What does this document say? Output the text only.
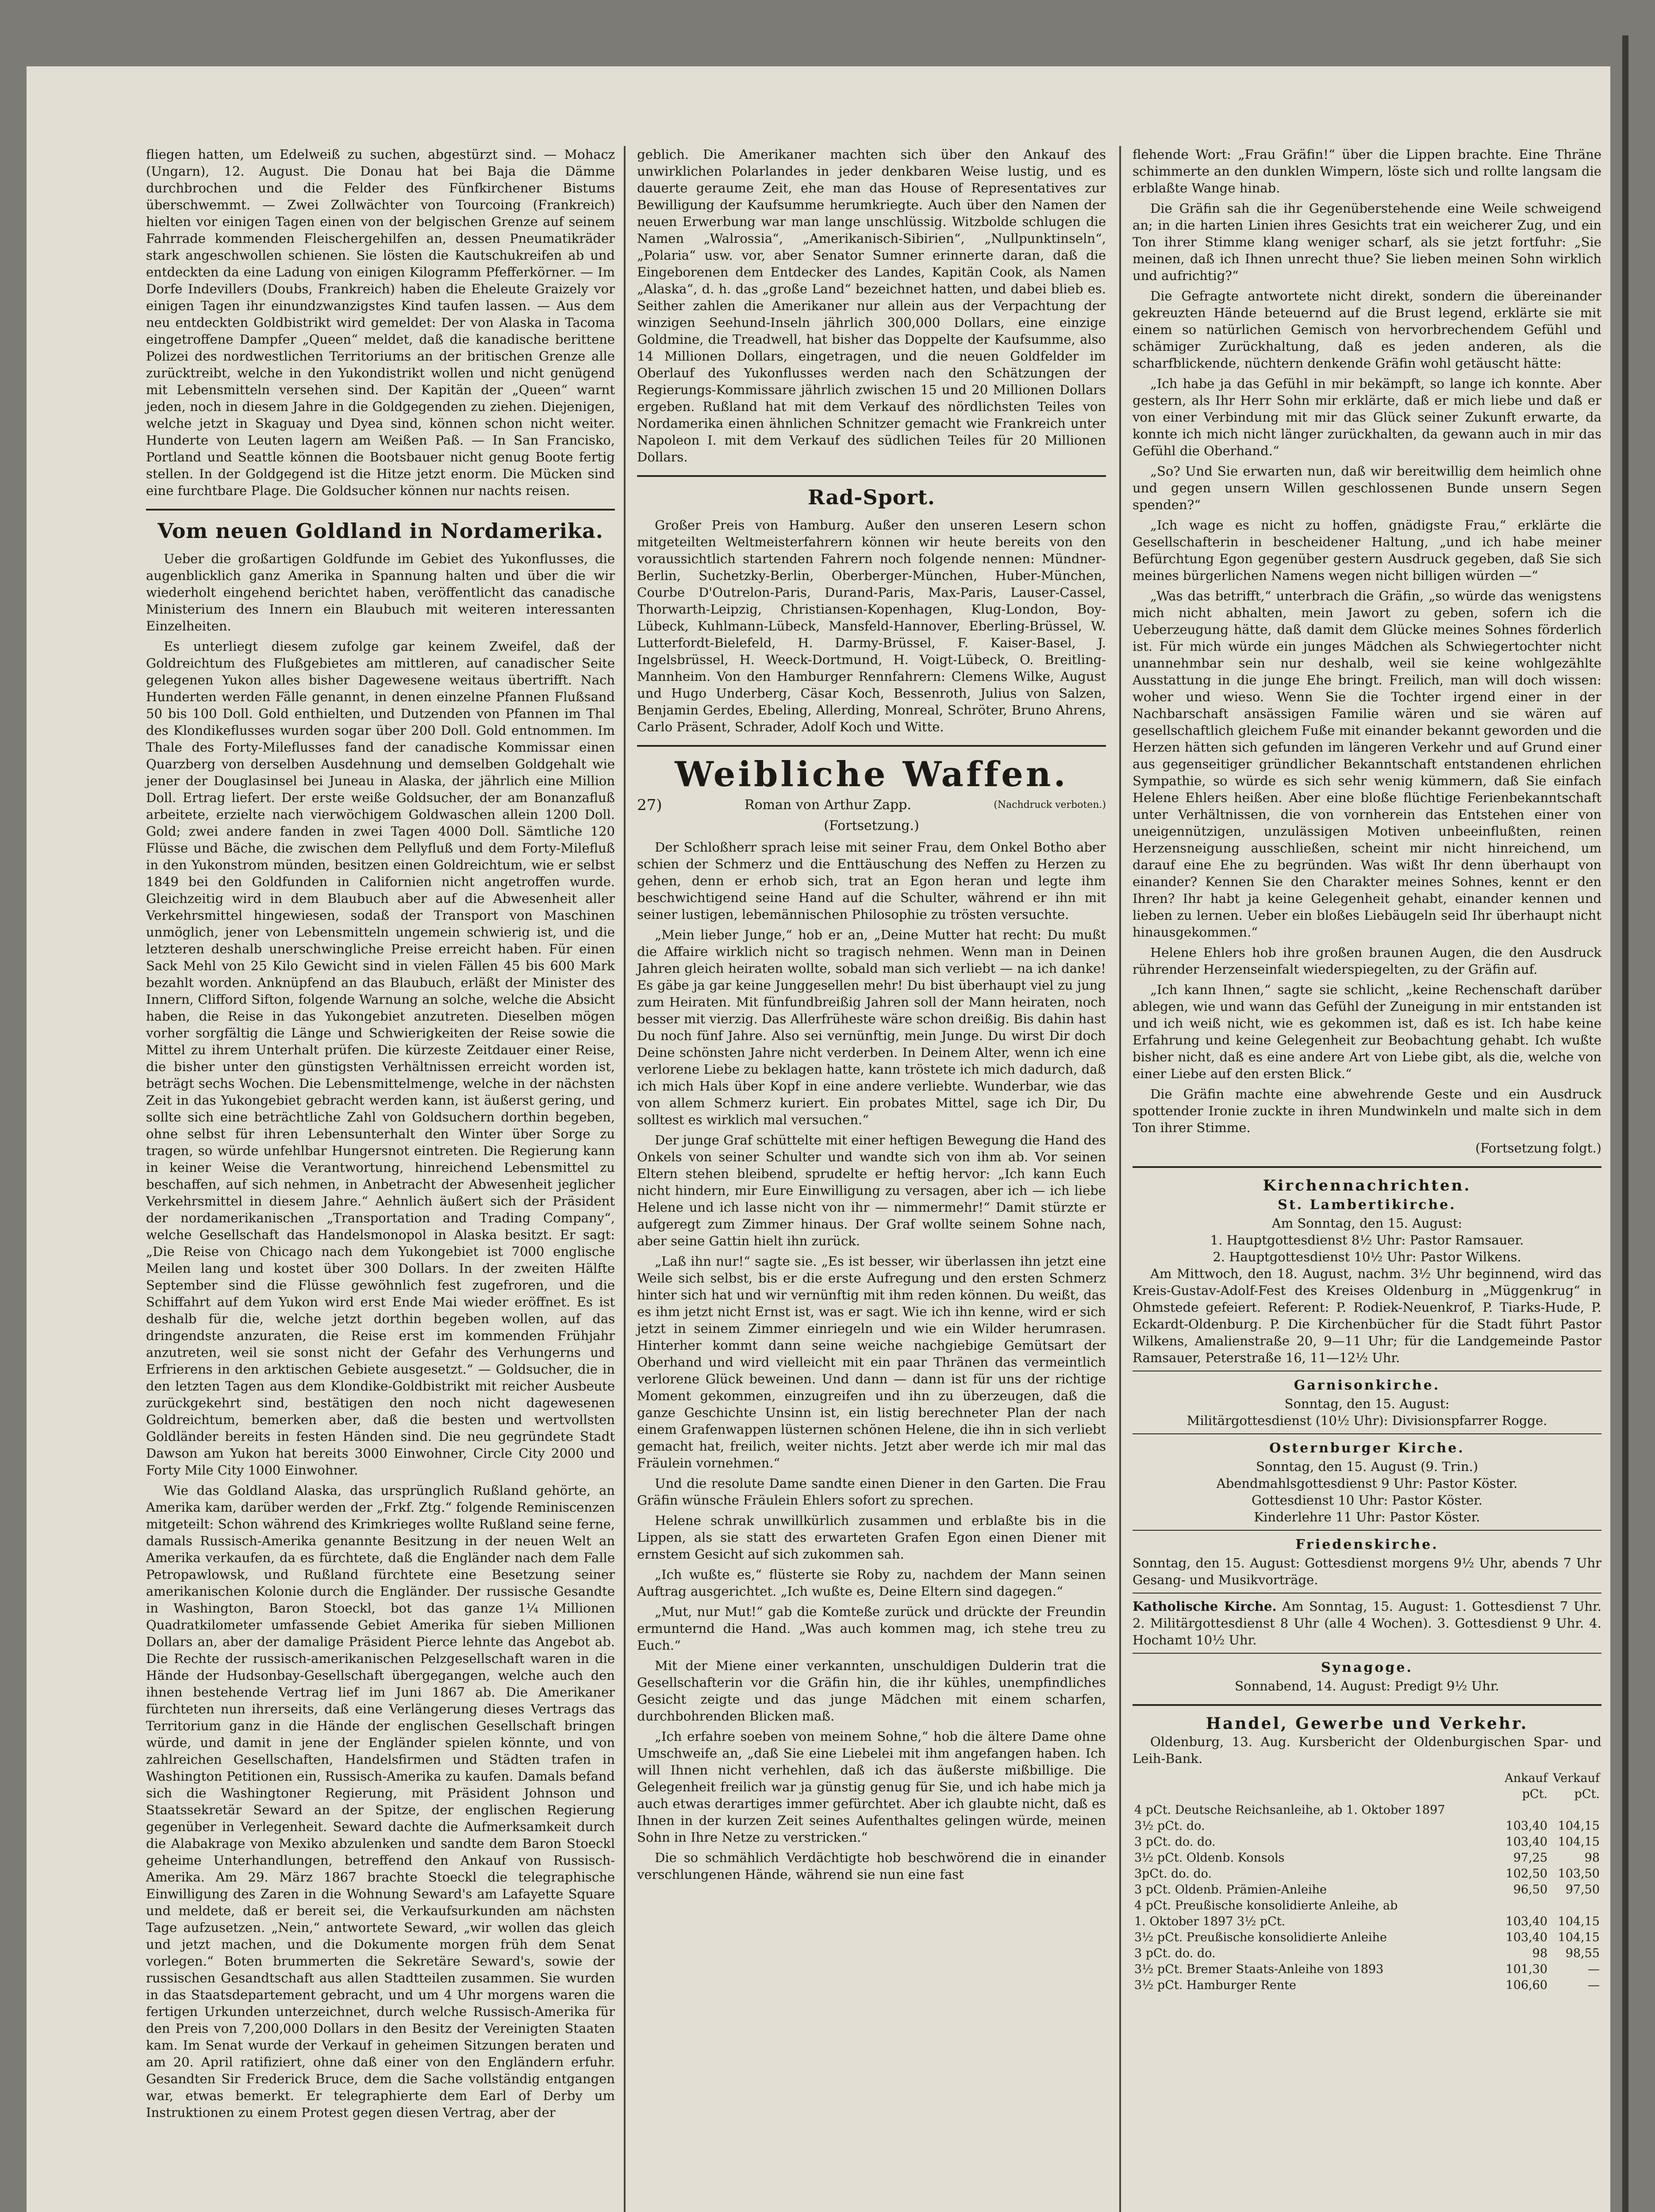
fliegen hatten, um Edelweiß zu suchen, abgestürzt sind. — Mohacz (Ungarn), 12. August. Die Donau hat bei Baja die Dämme durchbrochen und die Felder des Fünfkirchener Bistums überschwemmt. — Zwei Zollwächter von Tourcoing (Frankreich) hielten vor einigen Tagen einen von der belgischen Grenze auf seinem Fahrrade kommenden Fleischergehilfen an, dessen Pneumatikräder stark angeschwollen schienen. Sie lösten die Kautschukreifen ab und entdeckten da eine Ladung von einigen Kilogramm Pfefferkörner. — Im Dorfe Indevillers (Doubs, Frankreich) haben die Eheleute Graizely vor einigen Tagen ihr einundzwanzigstes Kind taufen lassen. — Aus dem neu entdeckten Goldbistrikt wird gemeldet: Der von Alaska in Tacoma eingetroffene Dampfer „Queen“ meldet, daß die kanadische berittene Polizei des nordwestlichen Territoriums an der britischen Grenze alle zurücktreibt, welche in den Yukondistrikt wollen und nicht genügend mit Lebensmitteln versehen sind. Der Kapitän der „Queen“ warnt jeden, noch in diesem Jahre in die Goldgegenden zu ziehen. Diejenigen, welche jetzt in Skaguay und Dyea sind, können schon nicht weiter. Hunderte von Leuten lagern am Weißen Paß. — In San Francisko, Portland und Seattle können die Bootsbauer nicht genug Boote fertig stellen. In der Goldgegend ist die Hitze jetzt enorm. Die Mücken sind eine furchtbare Plage. Die Goldsucher können nur nachts reisen.

Vom neuen Goldland in Nordamerika.

Ueber die großartigen Goldfunde im Gebiet des Yukonflusses, die augenblicklich ganz Amerika in Spannung halten und über die wir wiederholt eingehend berichtet haben, veröffentlicht das canadische Ministerium des Innern ein Blaubuch mit weiteren interessanten Einzelheiten.

Es unterliegt diesem zufolge gar keinem Zweifel, daß der Goldreichtum des Flußgebietes am mittleren, auf canadischer Seite gelegenen Yukon alles bisher Dagewesene weitaus übertrifft. Nach Hunderten werden Fälle genannt, in denen einzelne Pfannen Flußsand 50 bis 100 Doll. Gold enthielten, und Dutzenden von Pfannen im Thal des Klondikeflusses wurden sogar über 200 Doll. Gold entnommen. Im Thale des Forty-Mileflusses fand der canadische Kommissar einen Quarzberg von derselben Ausdehnung und demselben Goldgehalt wie jener der Douglasinsel bei Juneau in Alaska, der jährlich eine Million Doll. Ertrag liefert. Der erste weiße Goldsucher, der am Bonanzafluß arbeitete, erzielte nach vierwöchigem Goldwaschen allein 1200 Doll. Gold; zwei andere fanden in zwei Tagen 4000 Doll. Sämtliche 120 Flüsse und Bäche, die zwischen dem Pellyfluß und dem Forty-Milefluß in den Yukonstrom münden, besitzen einen Goldreichtum, wie er selbst 1849 bei den Goldfunden in Californien nicht angetroffen wurde. Gleichzeitig wird in dem Blaubuch aber auf die Abwesenheit aller Verkehrsmittel hingewiesen, sodaß der Transport von Maschinen unmöglich, jener von Lebensmitteln ungemein schwierig ist, und die letzteren deshalb unerschwingliche Preise erreicht haben. Für einen Sack Mehl von 25 Kilo Gewicht sind in vielen Fällen 45 bis 600 Mark bezahlt worden. Anknüpfend an das Blaubuch, erläßt der Minister des Innern, Clifford Sifton, folgende Warnung an solche, welche die Absicht haben, die Reise in das Yukongebiet anzutreten. Dieselben mögen vorher sorgfältig die Länge und Schwierigkeiten der Reise sowie die Mittel zu ihrem Unterhalt prüfen. Die kürzeste Zeitdauer einer Reise, die bisher unter den günstigsten Verhältnissen erreicht worden ist, beträgt sechs Wochen. Die Lebensmittelmenge, welche in der nächsten Zeit in das Yukongebiet gebracht werden kann, ist äußerst gering, und sollte sich eine beträchtliche Zahl von Goldsuchern dorthin begeben, ohne selbst für ihren Lebensunterhalt den Winter über Sorge zu tragen, so würde unfehlbar Hungersnot eintreten. Die Regierung kann in keiner Weise die Verantwortung, hinreichend Lebensmittel zu beschaffen, auf sich nehmen, in Anbetracht der Abwesenheit jeglicher Verkehrsmittel in diesem Jahre.“ Aehnlich äußert sich der Präsident der nordamerikanischen „Transportation and Trading Company“, welche Gesellschaft das Handelsmonopol in Alaska besitzt. Er sagt: „Die Reise von Chicago nach dem Yukongebiet ist 7000 englische Meilen lang und kostet über 300 Dollars. In der zweiten Hälfte September sind die Flüsse gewöhnlich fest zugefroren, und die Schiffahrt auf dem Yukon wird erst Ende Mai wieder eröffnet. Es ist deshalb für die, welche jetzt dorthin begeben wollen, auf das dringendste anzuraten, die Reise erst im kommenden Frühjahr anzutreten, weil sie sonst nicht der Gefahr des Verhungerns und Erfrierens in den arktischen Gebiete ausgesetzt.“ — Goldsucher, die in den letzten Tagen aus dem Klondike-Goldbistrikt mit reicher Ausbeute zurückgekehrt sind, bestätigen den noch nicht dagewesenen Goldreichtum, bemerken aber, daß die besten und wertvollsten Goldländer bereits in festen Händen sind. Die neu gegründete Stadt Dawson am Yukon hat bereits 3000 Einwohner, Circle City 2000 und Forty Mile City 1000 Einwohner.

Wie das Goldland Alaska, das ursprünglich Rußland gehörte, an Amerika kam, darüber werden der „Frkf. Ztg.“ folgende Reminiscenzen mitgeteilt: Schon während des Krimkrieges wollte Rußland seine ferne, damals Russisch-Amerika genannte Besitzung in der neuen Welt an Amerika verkaufen, da es fürchtete, daß die Engländer nach dem Falle Petropawlowsk, und Rußland fürchtete eine Besetzung seiner amerikanischen Kolonie durch die Engländer. Der russische Gesandte in Washington, Baron Stoeckl, bot das ganze 1¼ Millionen Quadratkilometer umfassende Gebiet Amerika für sieben Millionen Dollars an, aber der damalige Präsident Pierce lehnte das Angebot ab. Die Rechte der russisch-amerikanischen Pelzgesellschaft waren in die Hände der Hudsonbay-Gesellschaft übergegangen, welche auch den ihnen bestehende Vertrag lief im Juni 1867 ab. Die Amerikaner fürchteten nun ihrerseits, daß eine Verlängerung dieses Vertrags das Territorium ganz in die Hände der englischen Gesellschaft bringen würde, und damit in jene der Engländer spielen könnte, und von zahlreichen Gesellschaften, Handelsfirmen und Städten trafen in Washington Petitionen ein, Russisch-Amerika zu kaufen. Damals befand sich die Washingtoner Regierung, mit Präsident Johnson und Staatssekretär Seward an der Spitze, der englischen Regierung gegenüber in Verlegenheit. Seward dachte die Aufmerksamkeit durch die Alabakrage von Mexiko abzulenken und sandte dem Baron Stoeckl geheime Unterhandlungen, betreffend den Ankauf von Russisch-Amerika. Am 29. März 1867 brachte Stoeckl die telegraphische Einwilligung des Zaren in die Wohnung Seward's am Lafayette Square und meldete, daß er bereit sei, die Verkaufsurkunden am nächsten Tage aufzusetzen. „Nein,“ antwortete Seward, „wir wollen das gleich und jetzt machen, und die Dokumente morgen früh dem Senat vorlegen.“ Boten brummerten die Sekretäre Seward's, sowie der russischen Gesandtschaft aus allen Stadtteilen zusammen. Sie wurden in das Staatsdepartement gebracht, und um 4 Uhr morgens waren die fertigen Urkunden unterzeichnet, durch welche Russisch-Amerika für den Preis von 7,200,000 Dollars in den Besitz der Vereinigten Staaten kam. Im Senat wurde der Verkauf in geheimen Sitzungen beraten und am 20. April ratifiziert, ohne daß einer von den Engländern erfuhr. Gesandten Sir Frederick Bruce, dem die Sache vollständig entgangen war, etwas bemerkt. Er telegraphierte dem Earl of Derby um Instruktionen zu einem Protest gegen diesen Vertrag, aber der

geblich. Die Amerikaner machten sich über den Ankauf des unwirklichen Polarlandes in jeder denkbaren Weise lustig, und es dauerte geraume Zeit, ehe man das House of Representatives zur Bewilligung der Kaufsumme herumkriegte. Auch über den Namen der neuen Erwerbung war man lange unschlüssig. Witzbolde schlugen die Namen „Walrossia“, „Amerikanisch-Sibirien“, „Nullpunktinseln“, „Polaria“ usw. vor, aber Senator Sumner erinnerte daran, daß die Eingeborenen dem Entdecker des Landes, Kapitän Cook, als Namen „Alaska“, d. h. das „große Land“ bezeichnet hatten, und dabei blieb es. Seither zahlen die Amerikaner nur allein aus der Verpachtung der winzigen Seehund-Inseln jährlich 300,000 Dollars, eine einzige Goldmine, die Treadwell, hat bisher das Doppelte der Kaufsumme, also 14 Millionen Dollars, eingetragen, und die neuen Goldfelder im Oberlauf des Yukonflusses werden nach den Schätzungen der Regierungs-Kommissare jährlich zwischen 15 und 20 Millionen Dollars ergeben. Rußland hat mit dem Verkauf des nördlichsten Teiles von Nordamerika einen ähnlichen Schnitzer gemacht wie Frankreich unter Napoleon I. mit dem Verkauf des südlichen Teiles für 20 Millionen Dollars.

Rad-Sport.

Großer Preis von Hamburg. Außer den unseren Lesern schon mitgeteilten Weltmeisterfahrern können wir heute bereits von den voraussichtlich startenden Fahrern noch folgende nennen: Mündner-Berlin, Suchetzky-Berlin, Oberberger-München, Huber-München, Courbe D'Outrelon-Paris, Durand-Paris, Max-Paris, Lauser-Cassel, Thorwarth-Leipzig, Christiansen-Kopenhagen, Klug-London, Boy-Lübeck, Kuhlmann-Lübeck, Mansfeld-Hannover, Eberling-Brüssel, W. Lutterfordt-Bielefeld, H. Darmy-Brüssel, F. Kaiser-Basel, J. Ingelsbrüssel, H. Weeck-Dortmund, H. Voigt-Lübeck, O. Breitling-Mannheim. Von den Hamburger Rennfahrern: Clemens Wilke, August und Hugo Underberg, Cäsar Koch, Bessenroth, Julius von Salzen, Benjamin Gerdes, Ebeling, Allerding, Monreal, Schröter, Bruno Ahrens, Carlo Präsent, Schrader, Adolf Koch und Witte.

Weibliche Waffen.
27)	Roman von Arthur Zapp.	(Nachdruck verboten.)
(Fortsetzung.)

Der Schloßherr sprach leise mit seiner Frau, dem Onkel Botho aber schien der Schmerz und die Enttäuschung des Neffen zu Herzen zu gehen, denn er erhob sich, trat an Egon heran und legte ihm beschwichtigend seine Hand auf die Schulter, während er ihn mit seiner lustigen, lebemännischen Philosophie zu trösten versuchte.

„Mein lieber Junge,“ hob er an, „Deine Mutter hat recht: Du mußt die Affaire wirklich nicht so tragisch nehmen. Wenn man in Deinen Jahren gleich heiraten wollte, sobald man sich verliebt — na ich danke! Es gäbe ja gar keine Junggesellen mehr! Du bist überhaupt viel zu jung zum Heiraten. Mit fünfundbreißig Jahren soll der Mann heiraten, noch besser mit vierzig. Das Allerfrüheste wäre schon dreißig. Bis dahin hast Du noch fünf Jahre. Also sei vernünftig, mein Junge. Du wirst Dir doch Deine schönsten Jahre nicht verderben. In Deinem Alter, wenn ich eine verlorene Liebe zu beklagen hatte, kann tröstete ich mich dadurch, daß ich mich Hals über Kopf in eine andere verliebte. Wunderbar, wie das von allem Schmerz kuriert. Ein probates Mittel, sage ich Dir, Du solltest es wirklich mal versuchen.“

Der junge Graf schüttelte mit einer heftigen Bewegung die Hand des Onkels von seiner Schulter und wandte sich von ihm ab. Vor seinen Eltern stehen bleibend, sprudelte er heftig hervor: „Ich kann Euch nicht hindern, mir Eure Einwilligung zu versagen, aber ich — ich liebe Helene und ich lasse nicht von ihr — nimmermehr!“ Damit stürzte er aufgeregt zum Zimmer hinaus. Der Graf wollte seinem Sohne nach, aber seine Gattin hielt ihn zurück.

„Laß ihn nur!“ sagte sie. „Es ist besser, wir überlassen ihn jetzt eine Weile sich selbst, bis er die erste Aufregung und den ersten Schmerz hinter sich hat und wir vernünftig mit ihm reden können. Du weißt, das es ihm jetzt nicht Ernst ist, was er sagt. Wie ich ihn kenne, wird er sich jetzt in seinem Zimmer einriegeln und wie ein Wilder herumrasen. Hinterher kommt dann seine weiche nachgiebige Gemütsart der Oberhand und wird vielleicht mit ein paar Thränen das vermeintlich verlorene Glück beweinen. Und dann — dann ist für uns der richtige Moment gekommen, einzugreifen und ihn zu überzeugen, daß die ganze Geschichte Unsinn ist, ein listig berechneter Plan der nach einem Grafenwappen lüsternen schönen Helene, die ihn in sich verliebt gemacht hat, freilich, weiter nichts. Jetzt aber werde ich mir mal das Fräulein vornehmen.“

Und die resolute Dame sandte einen Diener in den Garten. Die Frau Gräfin wünsche Fräulein Ehlers sofort zu sprechen.

Helene schrak unwillkürlich zusammen und erblaßte bis in die Lippen, als sie statt des erwarteten Grafen Egon einen Diener mit ernstem Gesicht auf sich zukommen sah.

„Ich wußte es,“ flüsterte sie Roby zu, nachdem der Mann seinen Auftrag ausgerichtet. „Ich wußte es, Deine Eltern sind dagegen.“

„Mut, nur Mut!“ gab die Komteße zurück und drückte der Freundin ermunternd die Hand. „Was auch kommen mag, ich stehe treu zu Euch.“

Mit der Miene einer verkannten, unschuldigen Dulderin trat die Gesellschafterin vor die Gräfin hin, die ihr kühles, unempfindliches Gesicht zeigte und das junge Mädchen mit einem scharfen, durchbohrenden Blicken maß.

„Ich erfahre soeben von meinem Sohne,“ hob die ältere Dame ohne Umschweife an, „daß Sie eine Liebelei mit ihm angefangen haben. Ich will Ihnen nicht verhehlen, daß ich das äußerste mißbillige. Die Gelegenheit freilich war ja günstig genug für Sie, und ich habe mich ja auch etwas derartiges immer gefürchtet. Aber ich glaubte nicht, daß es Ihnen in der kurzen Zeit seines Aufenthaltes gelingen würde, meinen Sohn in Ihre Netze zu verstricken.“

Die so schmählich Verdächtigte hob beschwörend die in einander verschlungenen Hände, während sie nun eine fast

flehende Wort: „Frau Gräfin!“ über die Lippen brachte. Eine Thräne schimmerte an den dunklen Wimpern, löste sich und rollte langsam die erblaßte Wange hinab.

Die Gräfin sah die ihr Gegenüberstehende eine Weile schweigend an; in die harten Linien ihres Gesichts trat ein weicherer Zug, und ein Ton ihrer Stimme klang weniger scharf, als sie jetzt fortfuhr: „Sie meinen, daß ich Ihnen unrecht thue? Sie lieben meinen Sohn wirklich und aufrichtig?“

Die Gefragte antwortete nicht direkt, sondern die übereinander gekreuzten Hände beteuernd auf die Brust legend, erklärte sie mit einem so natürlichen Gemisch von hervorbrechendem Gefühl und schämiger Zurückhaltung, daß es jeden anderen, als die scharfblickende, nüchtern denkende Gräfin wohl getäuscht hätte:

„Ich habe ja das Gefühl in mir bekämpft, so lange ich konnte. Aber gestern, als Ihr Herr Sohn mir erklärte, daß er mich liebe und daß er von einer Verbindung mit mir das Glück seiner Zukunft erwarte, da konnte ich mich nicht länger zurückhalten, da gewann auch in mir das Gefühl die Oberhand.“

„So? Und Sie erwarten nun, daß wir bereitwillig dem heimlich ohne und gegen unsern Willen geschlossenen Bunde unsern Segen spenden?“

„Ich wage es nicht zu hoffen, gnädigste Frau,“ erklärte die Gesellschafterin in bescheidener Haltung, „und ich habe meiner Befürchtung Egon gegenüber gestern Ausdruck gegeben, daß Sie sich meines bürgerlichen Namens wegen nicht billigen würden —“

„Was das betrifft,“ unterbrach die Gräfin, „so würde das wenigstens mich nicht abhalten, mein Jawort zu geben, sofern ich die Ueberzeugung hätte, daß damit dem Glücke meines Sohnes förderlich ist. Für mich würde ein junges Mädchen als Schwiegertochter nicht unannehmbar sein nur deshalb, weil sie keine wohlgezählte Ausstattung in die junge Ehe bringt. Freilich, man will doch wissen: woher und wieso. Wenn Sie die Tochter irgend einer in der Nachbarschaft ansässigen Familie wären und sie wären auf gesellschaftlich gleichem Fuße mit einander bekannt geworden und die Herzen hätten sich gefunden im längeren Verkehr und auf Grund einer aus gegenseitiger gründlicher Bekanntschaft entstandenen ehrlichen Sympathie, so würde es sich sehr wenig kümmern, daß Sie einfach Helene Ehlers heißen. Aber eine bloße flüchtige Ferienbekanntschaft unter Verhältnissen, die von vornherein das Entstehen einer von uneigennützigen, unzulässigen Motiven unbeeinflußten, reinen Herzensneigung ausschließen, scheint mir nicht hinreichend, um darauf eine Ehe zu begründen. Was wißt Ihr denn überhaupt von einander? Kennen Sie den Charakter meines Sohnes, kennt er den Ihren? Ihr habt ja keine Gelegenheit gehabt, einander kennen und lieben zu lernen. Ueber ein bloßes Liebäugeln seid Ihr überhaupt nicht hinausgekommen.“

Helene Ehlers hob ihre großen braunen Augen, die den Ausdruck rührender Herzenseinfalt wiederspiegelten, zu der Gräfin auf.

„Ich kann Ihnen,“ sagte sie schlicht, „keine Rechenschaft darüber ablegen, wie und wann das Gefühl der Zuneigung in mir entstanden ist und ich weiß nicht, wie es gekommen ist, daß es ist. Ich habe keine Erfahrung und keine Gelegenheit zur Beobachtung gehabt. Ich wußte bisher nicht, daß es eine andere Art von Liebe gibt, als die, welche von einer Liebe auf den ersten Blick.“

Die Gräfin machte eine abwehrende Geste und ein Ausdruck spottender Ironie zuckte in ihren Mundwinkeln und malte sich in dem Ton ihrer Stimme.

(Fortsetzung folgt.)
Kirchennachrichten.
St. Lambertikirche.
Am Sonntag, den 15. August:
1. Hauptgottesdienst 8½ Uhr: Pastor Ramsauer.
2. Hauptgottesdienst 10½ Uhr: Pastor Wilkens.

Am Mittwoch, den 18. August, nachm. 3½ Uhr beginnend, wird das Kreis-Gustav-Adolf-Fest des Kreises Oldenburg in „Müggenkrug“ in Ohmstede gefeiert. Referent: P. Rodiek-Neuenkrof, P. Tiarks-Hude, P. Eckardt-Oldenburg. P. Die Kirchenbücher für die Stadt führt Pastor Wilkens, Amalienstraße 20, 9—11 Uhr; für die Landgemeinde Pastor Ramsauer, Peterstraße 16, 11—12½ Uhr.

Garnisonkirche.
Sonntag, den 15. August:
Militärgottesdienst (10½ Uhr): Divisionspfarrer Rogge.
Osternburger Kirche.
Sonntag, den 15. August (9. Trin.)
Abendmahlsgottesdienst 9 Uhr: Pastor Köster.
Gottesdienst 10 Uhr: Pastor Köster.
Kinderlehre 11 Uhr: Pastor Köster.
Friedenskirche.

Sonntag, den 15. August: Gottesdienst morgens 9½ Uhr, abends 7 Uhr Gesang- und Musikvorträge.

Katholische Kirche. Am Sonntag, 15. August: 1. Gottesdienst 7 Uhr. 2. Militärgottesdienst 8 Uhr (alle 4 Wochen). 3. Gottesdienst 9 Uhr. 4. Hochamt 10½ Uhr.

Synagoge.
Sonnabend, 14. August: Predigt 9½ Uhr.
Handel, Gewerbe und Verkehr.

Oldenburg, 13. Aug. Kursbericht der Oldenburgischen Spar- und Leih-Bank.

	Ankauf	Verkauf
	pCt.	pCt.
4 pCt. Deutsche Reichsanleihe, ab 1. Oktober 1897		
3½ pCt. do.	103,40	104,15
3 pCt. do. do.	103,40	104,15
3½ pCt. Oldenb. Konsols	97,25	98
3pCt. do. do.	102,50	103,50
3 pCt. Oldenb. Prämien-Anleihe	96,50	97,50
4 pCt. Preußische konsolidierte Anleihe, ab		
1. Oktober 1897 3½ pCt.	103,40	104,15
3½ pCt. Preußische konsolidierte Anleihe	103,40	104,15
3 pCt. do. do.	98	98,55
3½ pCt. Bremer Staats-Anleihe von 1893	101,30	—
3½ pCt. Hamburger Rente	106,60	—
